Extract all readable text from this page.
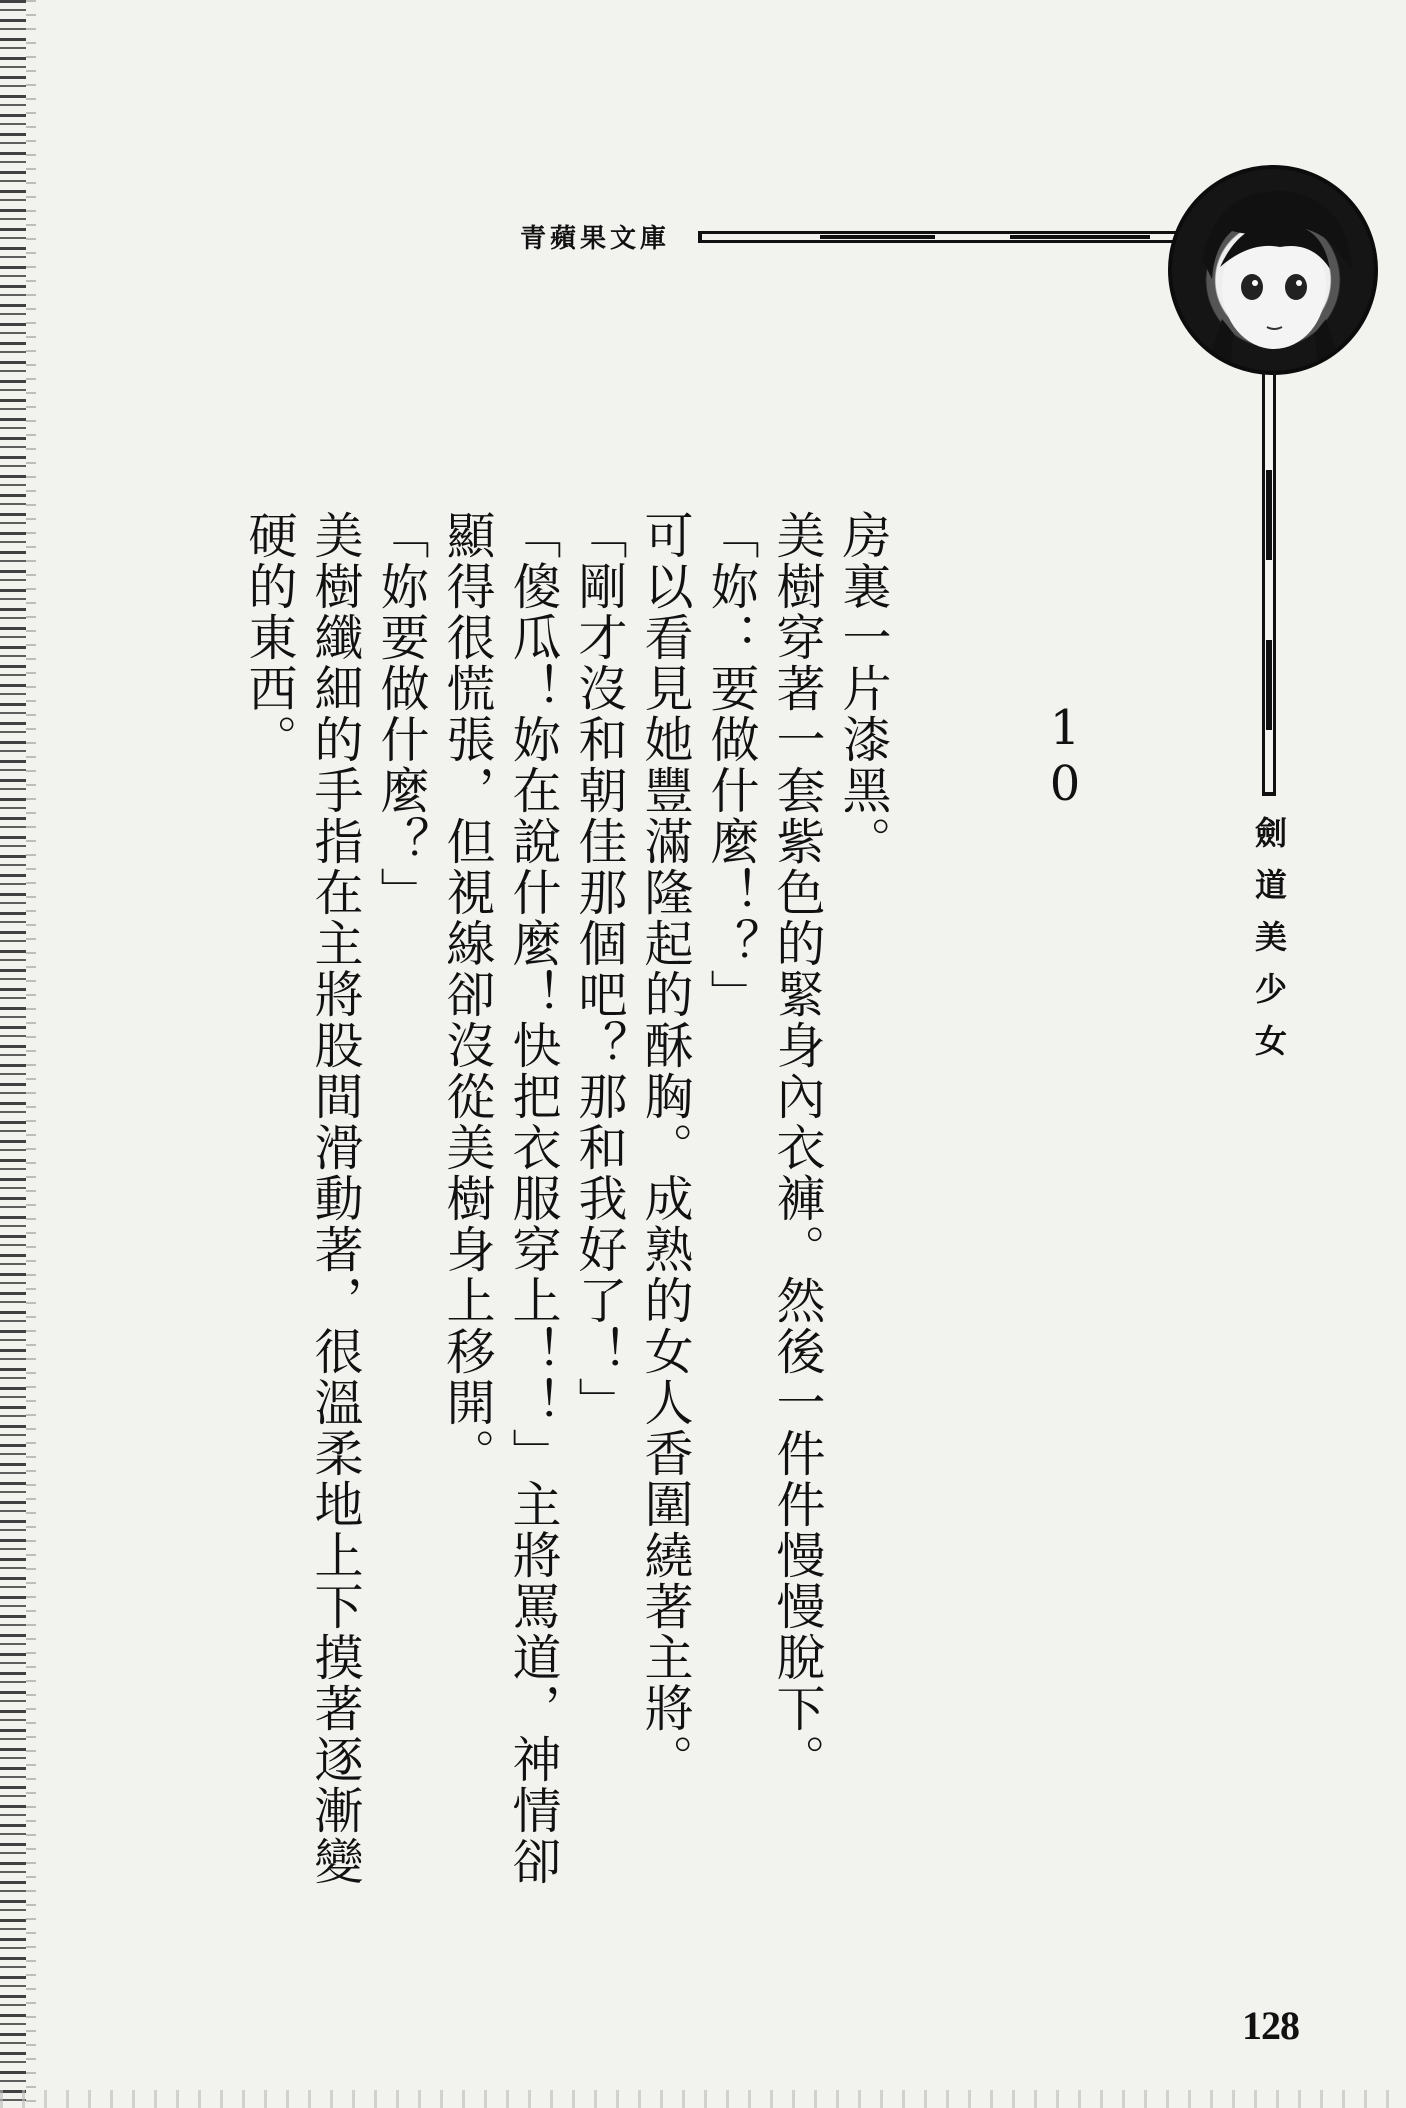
青蘋果文庫
劍道美少女
1
0

房裏一片漆黑。

美樹穿著一套紫色的緊身內衣褲。然後一件件慢慢脫下。

「妳：要做什麼！？」

可以看見她豐滿隆起的酥胸。成熟的女人香圍繞著主將。

「剛才沒和朝佳那個吧？那和我好了！」

「傻瓜！妳在說什麼！快把衣服穿上！！」主將罵道，神情卻顯得很慌張，但視線卻沒從美樹身上移開。

「妳要做什麼？」

美樹纖細的手指在主將股間滑動著，很溫柔地上下摸著逐漸變硬的東西。

128
